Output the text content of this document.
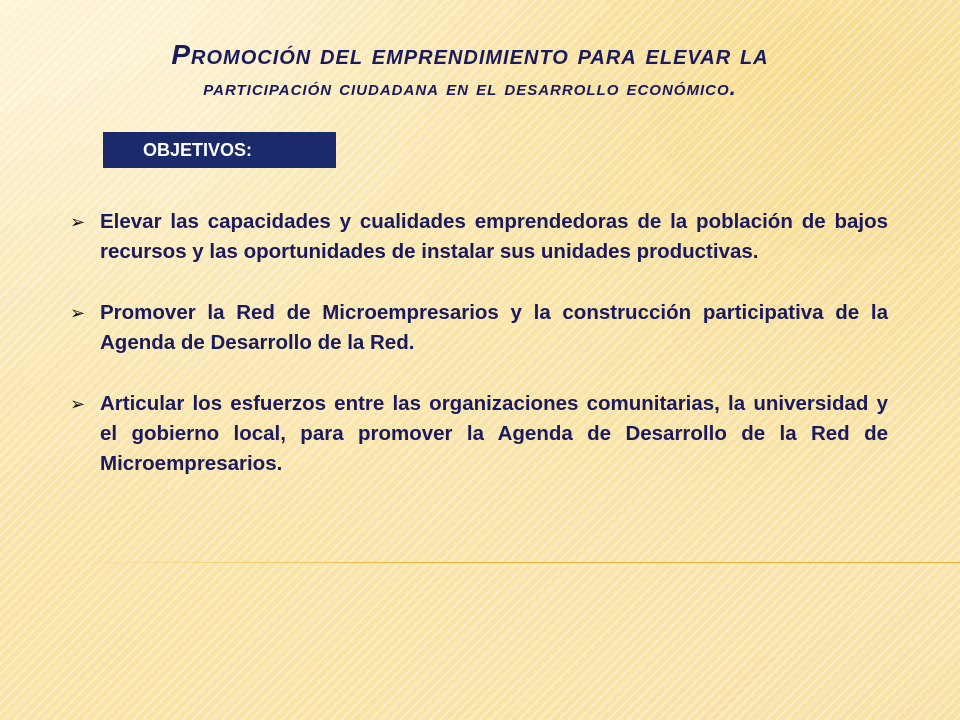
Promoción del emprendimiento para elevar la
participación ciudadana en el desarrollo económico.
OBJETIVOS:
➢ Elevar las capacidades y cualidades emprendedoras de la población de bajos recursos y las oportunidades de instalar sus unidades productivas.
➢ Promover la Red de Microempresarios y la construcción participativa de la Agenda de Desarrollo de la Red.
➢ Articular los esfuerzos entre las organizaciones comunitarias, la universidad y el gobierno local, para promover la Agenda de Desarrollo de la Red de Microempresarios.
